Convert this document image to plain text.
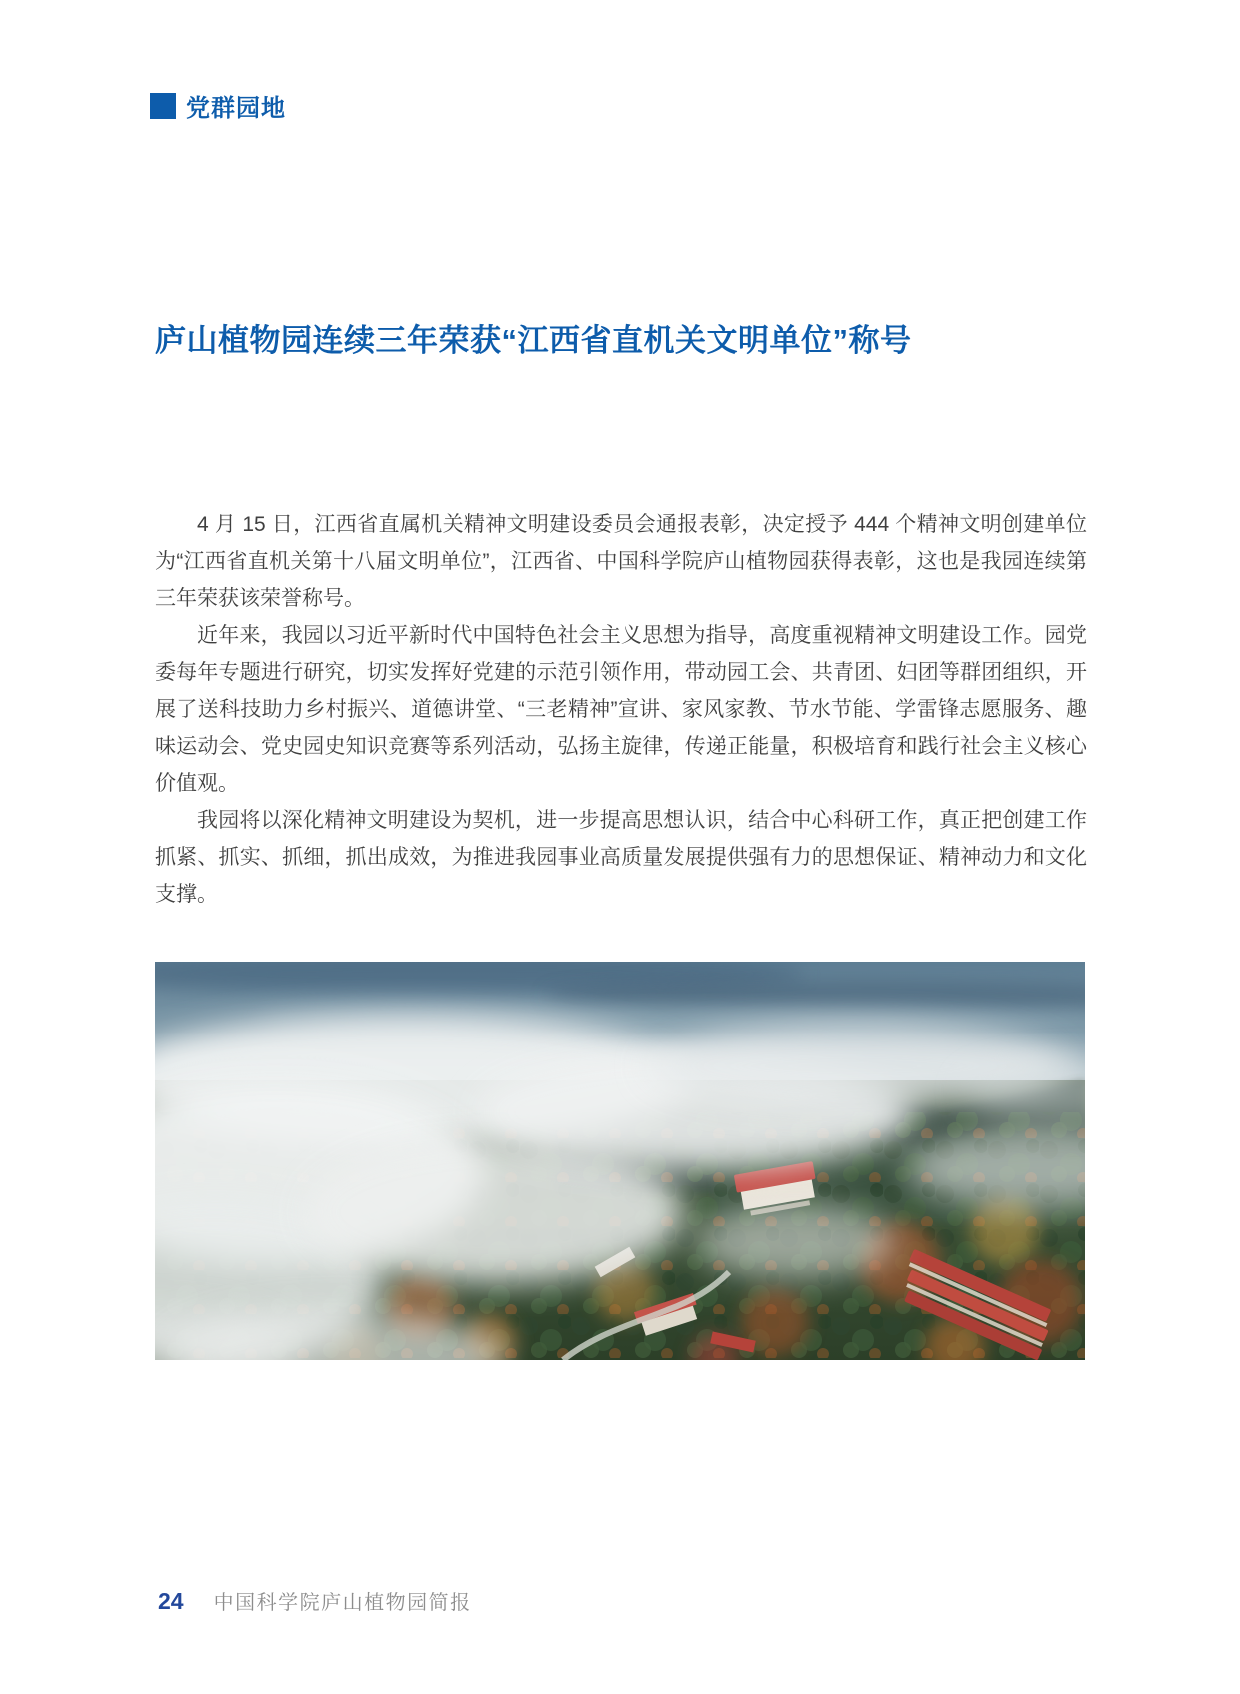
党群园地
庐山植物园连续三年荣获“江西省直机关文明单位”称号

4 月 15 日，江西省直属机关精神文明建设委员会通报表彰，决定授予 444 个精神文明创建单位为“江西省直机关第十八届文明单位”，江西省、中国科学院庐山植物园获得表彰，这也是我园连续第三年荣获该荣誉称号。

近年来，我园以习近平新时代中国特色社会主义思想为指导，高度重视精神文明建设工作。园党委每年专题进行研究，切实发挥好党建的示范引领作用，带动园工会、共青团、妇团等群团组织，开展了送科技助力乡村振兴、道德讲堂、“三老精神”宣讲、家风家教、节水节能、学雷锋志愿服务、趣味运动会、党史园史知识竞赛等系列活动，弘扬主旋律，传递正能量，积极培育和践行社会主义核心价值观。

我园将以深化精神文明建设为契机，进一步提高思想认识，结合中心科研工作，真正把创建工作抓紧、抓实、抓细，抓出成效，为推进我园事业高质量发展提供强有力的思想保证、精神动力和文化支撑。

24 中国科学院庐山植物园简报
